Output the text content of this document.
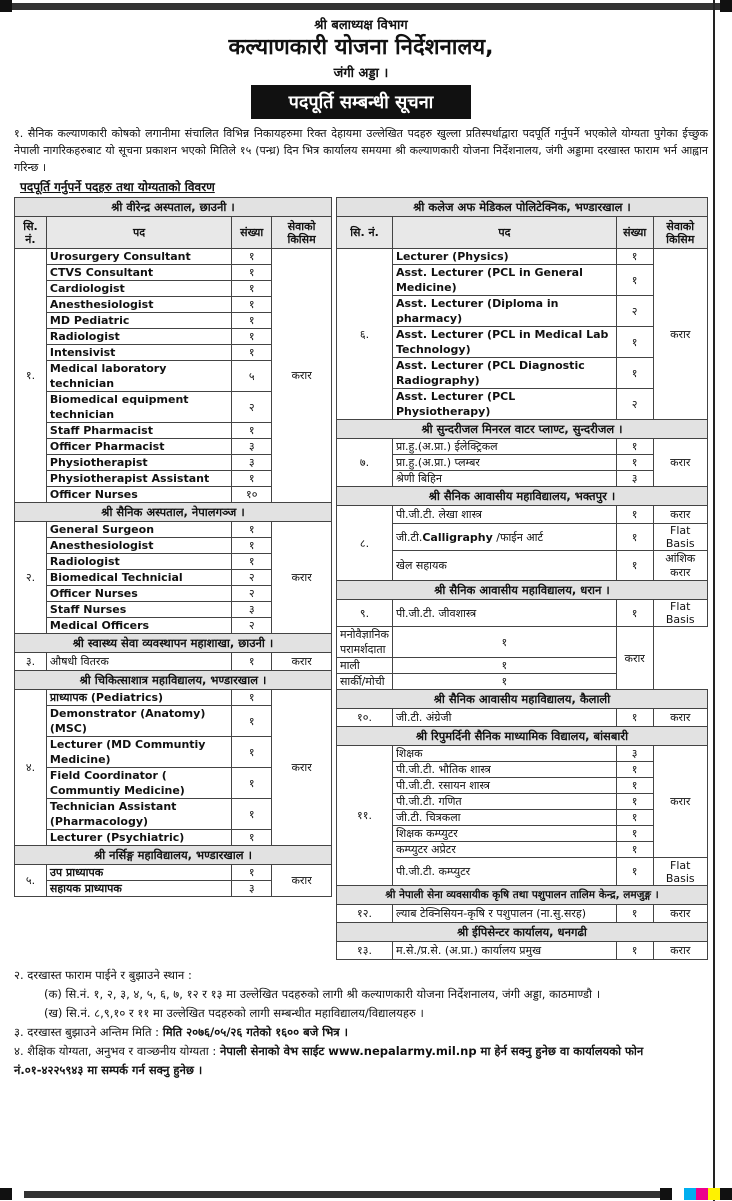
श्री बलाध्यक्ष विभाग
कल्याणकारी योजना निर्देशनालय,
जंगी अड्डा ।
पदपूर्ति सम्बन्धी सूचना
१. सैनिक कल्याणकारी कोषको लगानीमा संचालित विभिन्न निकायहरुमा रिक्त देहायमा उल्लेखित पदहरु खुल्ला प्रतिस्पर्धाद्वारा पदपूर्ति गर्नुपर्ने भएकोले योग्यता पुगेका ईच्छुक नेपाली नागरिकहरुबाट यो सूचना प्रकाशन भएको मितिले १५ (पन्ध्र) दिन भित्र कार्यालय समयमा श्री कल्याणकारी योजना निर्देशनालय, जंगी अड्डामा दरखास्त फाराम भर्न आह्वान गरिन्छ ।
पदपूर्ति गर्नुपर्ने पदहरु तथा योग्यताको विवरण
श्री वीरेन्द्र अस्पताल, छाउनी ।			
सि. नं.	पद	संख्या	सेवाको किसिम
१.	Urosurgery Consultant	१	करार
	CTVS Consultant	१	
	Cardiologist	१	
	Anesthesiologist	१	
	MD Pediatric	१	
	Radiologist	१	
	Intensivist	१	
	Medical laboratory technician	५	
	Biomedical equipment technician	२	
	Staff Pharmacist	१	
	Officer Pharmacist	३	
	Physiotherapist	३	
	Physiotherapist Assistant	१	
	Officer Nurses	१०	
श्री सैनिक अस्पताल, नेपालगञ्ज ।			
२.	General Surgeon	१	करार
	Anesthesiologist	१	
	Radiologist	१	
	Biomedical Technicial	२	
	Officer Nurses	२	
	Staff Nurses	३	
	Medical Officers	२	
श्री स्वास्थ्य सेवा व्यवस्थापन महाशाखा, छाउनी ।			
३.	औषधी वितरक	१	करार
श्री चिकित्साशात्र महाविद्यालय, भण्डारखाल ।			
४.	प्राध्यापक (Pediatrics)	१	करार
	Demonstrator (Anatomy) (MSC)	१	
	Lecturer (MD Communtiy Medicine)	१	
	Field Coordinator ( Communtiy Medicine)	१	
	Technician Assistant (Pharmacology)	१	
	Lecturer (Psychiatric)	१	
श्री नर्सिङ्ग महाविद्यालय, भण्डारखाल ।			
५.	उप प्राध्यापक	१	करार
	सहायक प्राध्यापक	३	
श्री कलेज अफ मेडिकल पोलिटेक्निक, भण्डारखाल ।			
सि. नं.	पद	संख्या	सेवाको किसिम
६.	Lecturer (Physics)	१	करार
	Asst. Lecturer (PCL in General Medicine)	१	
	Asst. Lecturer (Diploma in pharmacy)	२	
	Asst. Lecturer (PCL in Medical Lab Technology)	१	
	Asst. Lecturer (PCL Diagnostic Radiography)	१	
	Asst. Lecturer (PCL Physiotherapy)	२	
श्री सुन्दरीजल मिनरल वाटर प्लाण्ट, सुन्दरीजल ।			
७.	प्रा.हु.(अ.प्रा.) ईलेक्ट्रिकल	१	करार
	प्रा.हु.(अ.प्रा.) प्लम्बर	१	
	श्रेणी बिहिन	३	
श्री सैनिक आवासीय महाविद्यालय, भक्तपुर ।			
८.	पी.जी.टी. लेखा शास्त्र	१	करार
	जी.टी.Calligraphy /फाईन आर्ट	१	Flat Basis
	खेल सहायक	१	आंशिक करार
श्री सैनिक आवासीय महाविद्यालय, धरान ।			
९.	पी.जी.टी. जीवशास्त्र	१	Flat Basis
मनोवैज्ञानिक परामर्शदाता	१	करार	
माली	१		
सार्की/मोची	१		
श्री सैनिक आवासीय महाविद्यालय, कैलाली			
१०.	जी.टी. अंग्रेजी	१	करार
श्री रिपुमर्दिनी सैनिक माध्यामिक विद्यालय, बांसबारी			
११.	शिक्षक	३	करार
	पी.जी.टी. भौतिक शास्त्र	१	
	पी.जी.टी. रसायन शास्त्र	१	
	पी.जी.टी. गणित	१	
	जी.टी. चित्रकला	१	
	शिक्षक कम्प्युटर	१	
	कम्प्युटर अप्रेटर	१	
	पी.जी.टी. कम्प्युटर	१	Flat Basis
श्री नेपाली सेना व्यवसायीक कृषि तथा पशुपालन तालिम केन्द्र, लमजुङ्ग ।			
१२.	ल्याब टेक्निसियन-कृषि र पशुपालन (ना.सु.सरह)	१	करार
श्री ईपिसेन्टर कार्यालय, धनगढी			
१३.	म.से./प्र.से. (अ.प्रा.) कार्यालय प्रमुख	१	करार
२. दरखास्त फाराम पाईने र बुझाउने स्थान :
(क) सि.नं. १, २, ३, ४, ५, ६, ७, १२ र १३ मा उल्लेखित पदहरुको लागी श्री कल्याणकारी योजना निर्देशनालय, जंगी अड्डा, काठमाण्डौ ।
(ख) सि.नं. ८,९,१० र ११ मा उल्लेखित पदहरुको लागी सम्बन्धीत महाविद्यालय/विद्यालयहरु ।
३. दरखास्त बुझाउने अन्तिम मिति : मिति २०७६/०५/२६ गतेको १६०० बजे भित्र ।
४. शैक्षिक योग्यता, अनुभव र वाञ्छनीय योग्यता : नेपाली सेनाको वेभ साईट www.nepalarmy.mil.np मा हेर्न सक्नु हुनेछ वा कार्यालयको फोन नं.०१-४२२५९४३ मा सम्पर्क गर्न सक्नु हुनेछ ।
